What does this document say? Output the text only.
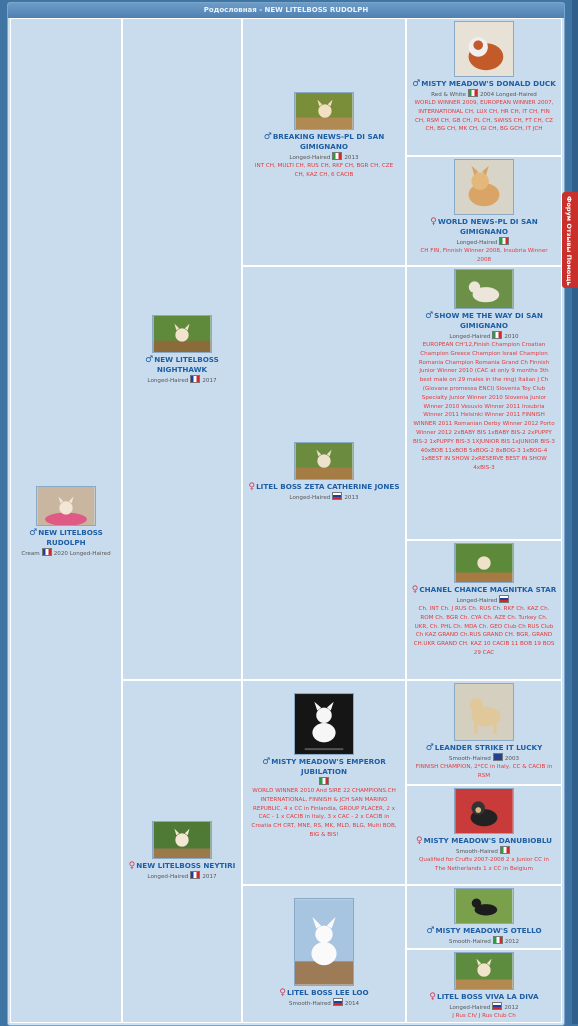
Родословная - NEW LITELBOSS RUDOLPH
♂NEW LITELBOSS RUDOLPH
Cream	2020 Longed-Haired
♂NEW LITELBOSS NIGHTHAWK
Longed-Haired	2017
♀NEW LITELBOSS NEYTIRI
Longed-Haired	2017
♂BREAKING NEWS-PL DI SAN GIMIGNANO
Longed-Haired	2013
INT CH, MULTI CH, RUS CH, RKF CH, BGR CH, CZE CH, KAZ CH, 6 CACIB
♀LITEL BOSS ZETA CATHERINE JONES
Longed-Haired	2013
♂MISTY MEADOW'S EMPEROR JUBILATION
WORLD WINNER 2010 And SIRE 22 CHAMPIONS.CH INTERNATIONAL, FINNISH & JCH SAN MARINO REPUBLIC, 4 x CC in Finlandia, GROUP PLACER, 2 x CAC - 1 x CACIB in Italy, 3 x CAC - 2 x CACIB in Croatia CH CRT, MNE, RS, MK, MLD, BLG, Multi BOB, BIG & BIS!
♀LITEL BOSS LEE LOO
Smooth-Haired	2014
♂MISTY MEADOW'S DONALD DUCK
Red & White	2004 Longed-Haired
WORLD WINNER 2009, EUROPEAN WINNER 2007, INTERNATIONAL CH, LUX CH, HR CH, IT CH, FIN CH, RSM CH, GB CH, PL CH, SWISS CH, FT CH, CZ CH, BG CH, MK CH, GI CH, BG GCH, IT JCH
♀WORLD NEWS-PL DI SAN GIMIGNANO
Longed-Haired
CH FIN, Finnish Winner 2008, Insubria Winner 2008
♂SHOW ME THE WAY DI SAN GIMIGNANO
Longed-Haired	2010
EUROPEAN CH'12,Finish Champion Croatian Champion Greece Champion Israel Champion Romania Champion Romania Grand Ch Finnish Junior Winner 2010 (CAC at only 9 months 3th best male on 29 males in the ring) Italian J Ch (Giovane promessa ENCI) Slovenia Toy Club Specialty Junior Winner 2010 Slovenia Junior Winner 2010 Vesuvio Winner 2011 Insubria Winner 2011 Helsinki Winner 2011 FINNISH WINNER 2011 Romanian Derby Winner 2012 Porto Winner 2012 2xBABY BIS 1xBABY BIS-2 2xPUPPY BIS-2 1xPUPPY BIS-3 1XJUNIOR BIS 1xJUNIOR BIS-3 40xBOB 11xBOB 5xBOG-2 8xBOG-3 1xBOG-4 1xBEST IN SHOW 2xRESERVE BEST IN SHOW 4xBIS-3
♀CHANEL CHANCE MAGNITKA STAR
Longed-Haired
Ch. INT Ch. J RUS Ch. RUS Ch. RKF Ch. KAZ Ch. ROM Ch. BGR Ch. CYA Ch. AZE Ch. Turkey Ch. UKR, Ch. PHL Ch. MDA Ch. GEO Club Ch RUS Club Ch KAZ GRAND Ch.RUS GRAND CH. BGR, GRAND CH.UKR GRAND CH. KAZ 10 CACIB 11 BOB 19 BOS 29 CAC
♂LEANDER STRIKE IT LUCKY
Smooth-Haired	2003
FINNISH CHAMPION, 2*CC in Italy, CC & CACIB in RSM
♀MISTY MEADOW'S DANUBIOBLU
Smooth-Haired
Qualified for Crufts 2007-2008 2 x Junior CC in The Netherlands 1 x CC in Belgium
♂MISTY MEADOW'S OTELLO
Smooth-Haired	2012
♀LITEL BOSS VIVA LA DIVA
Longed-Haired	2012
J Rus Ch/ J Rus Club Ch
Форум Отзывы Помощь
